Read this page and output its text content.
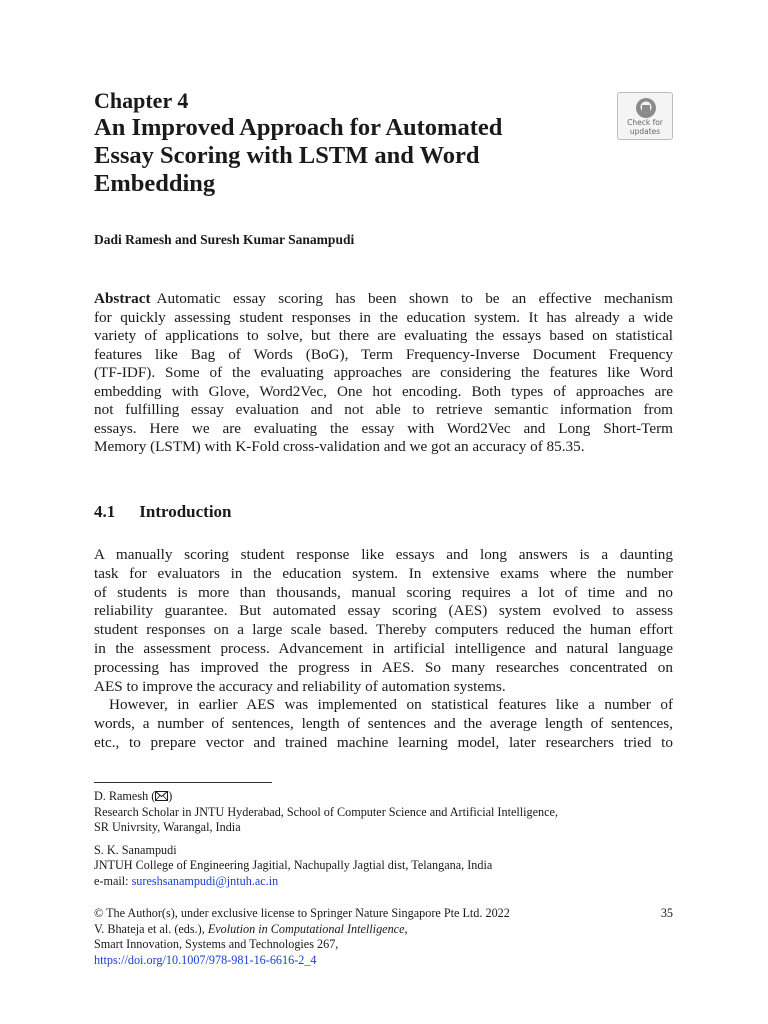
Chapter 4
An Improved Approach for Automated
Essay Scoring with LSTM and Word
Embedding
Check for
updates
Dadi Ramesh and Suresh Kumar Sanampudi
Abstract Automatic essay scoring has been shown to be an effective mechanism
for quickly assessing student responses in the education system. It has already a wide
variety of applications to solve, but there are evaluating the essays based on statistical
features like Bag of Words (BoG), Term Frequency-Inverse Document Frequency
(TF-IDF). Some of the evaluating approaches are considering the features like Word
embedding with Glove, Word2Vec, One hot encoding. Both types of approaches are
not fulfilling essay evaluation and not able to retrieve semantic information from
essays. Here we are evaluating the essay with Word2Vec and Long Short-Term
Memory (LSTM) with K-Fold cross-validation and we got an accuracy of 85.35.
4.1 Introduction
A manually scoring student response like essays and long answers is a daunting
task for evaluators in the education system. In extensive exams where the number
of students is more than thousands, manual scoring requires a lot of time and no
reliability guarantee. But automated essay scoring (AES) system evolved to assess
student responses on a large scale based. Thereby computers reduced the human effort
in the assessment process. Advancement in artificial intelligence and natural language
processing has improved the progress in AES. So many researches concentrated on
AES to improve the accuracy and reliability of automation systems.
However, in earlier AES was implemented on statistical features like a number of
words, a number of sentences, length of sentences and the average length of sentences,
etc., to prepare vector and trained machine learning model, later researchers tried to
D. Ramesh ( )
Research Scholar in JNTU Hyderabad, School of Computer Science and Artificial Intelligence,
SR Univrsity, Warangal, India
S. K. Sanampudi
JNTUH College of Engineering Jagitial, Nachupally Jagtial dist, Telangana, India
e-mail: sureshsanampudi@jntuh.ac.in
© The Author(s), under exclusive license to Springer Nature Singapore Pte Ltd. 2022
V. Bhateja et al. (eds.), Evolution in Computational Intelligence,
Smart Innovation, Systems and Technologies 267,
https://doi.org/10.1007/978-981-16-6616-2_4
35
